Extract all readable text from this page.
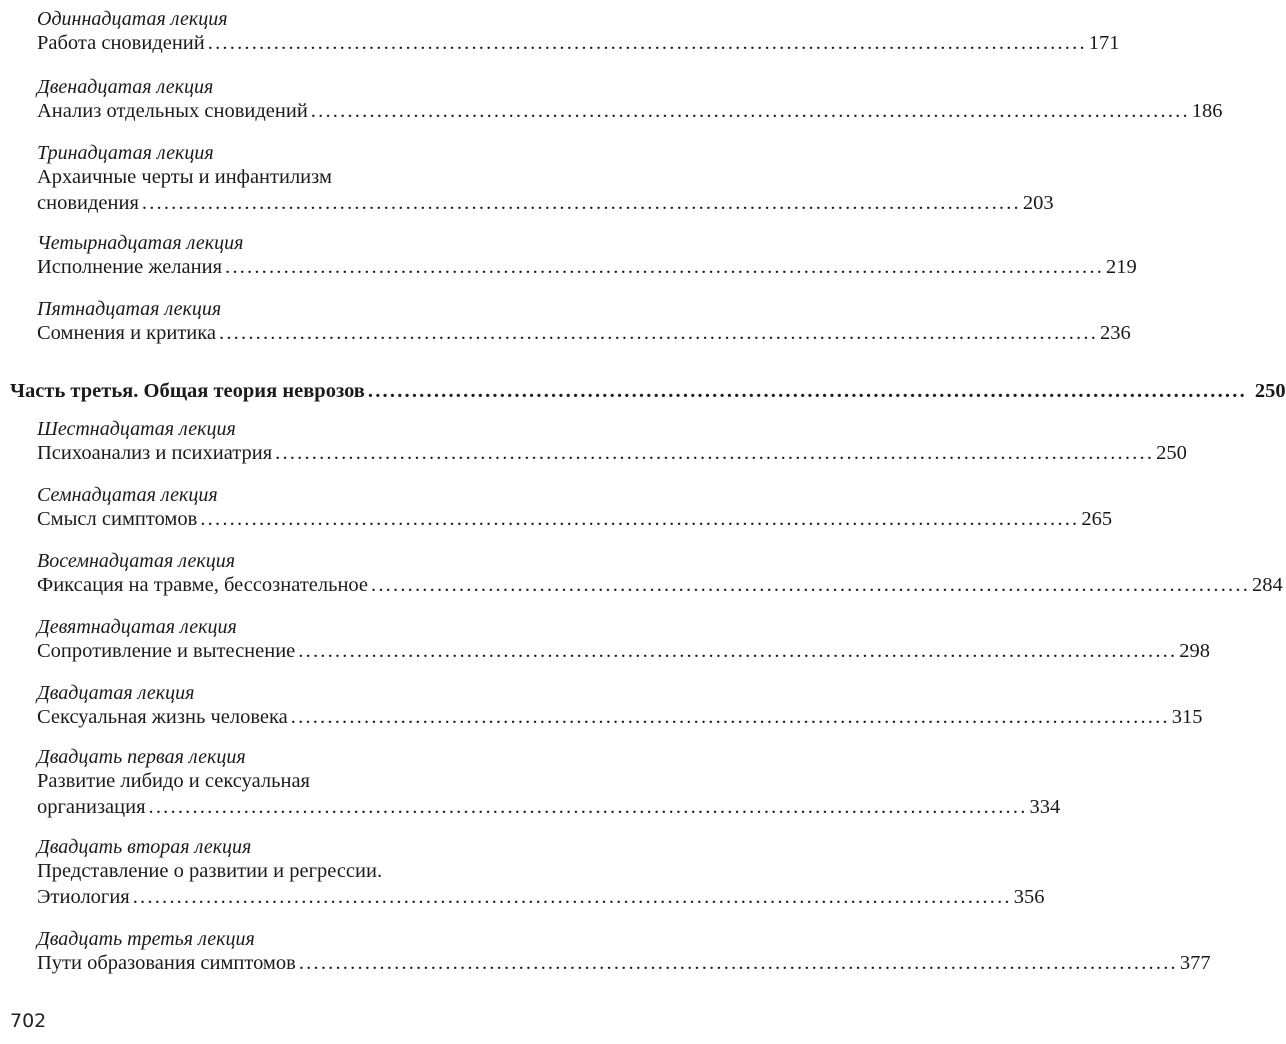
Часть третья. Общая теория неврозов ........................................................................................................................ 250
Одиннадцатая лекция
Работа сновидений ........................................................................................................................ 171
Двенадцатая лекция
Анализ отдельных сновидений ........................................................................................................................ 186
Тринадцатая лекция
Архаичные черты и инфантилизм
сновидения ........................................................................................................................ 203
Четырнадцатая лекция
Исполнение желания ........................................................................................................................ 219
Пятнадцатая лекция
Сомнения и критика ........................................................................................................................ 236
Шестнадцатая лекция
Психоанализ и психиатрия ........................................................................................................................ 250
Семнадцатая лекция
Смысл симптомов ........................................................................................................................ 265
Восемнадцатая лекция
Фиксация на травме, бессознательное ........................................................................................................................ 284
Девятнадцатая лекция
Сопротивление и вытеснение ........................................................................................................................ 298
Двадцатая лекция
Сексуальная жизнь человека ........................................................................................................................ 315
Двадцать первая лекция
Развитие либидо и сексуальная
организация ........................................................................................................................ 334
Двадцать вторая лекция
Представление о развитии и регрессии.
Этиология ........................................................................................................................ 356
Двадцать третья лекция
Пути образования симптомов ........................................................................................................................ 377
702
